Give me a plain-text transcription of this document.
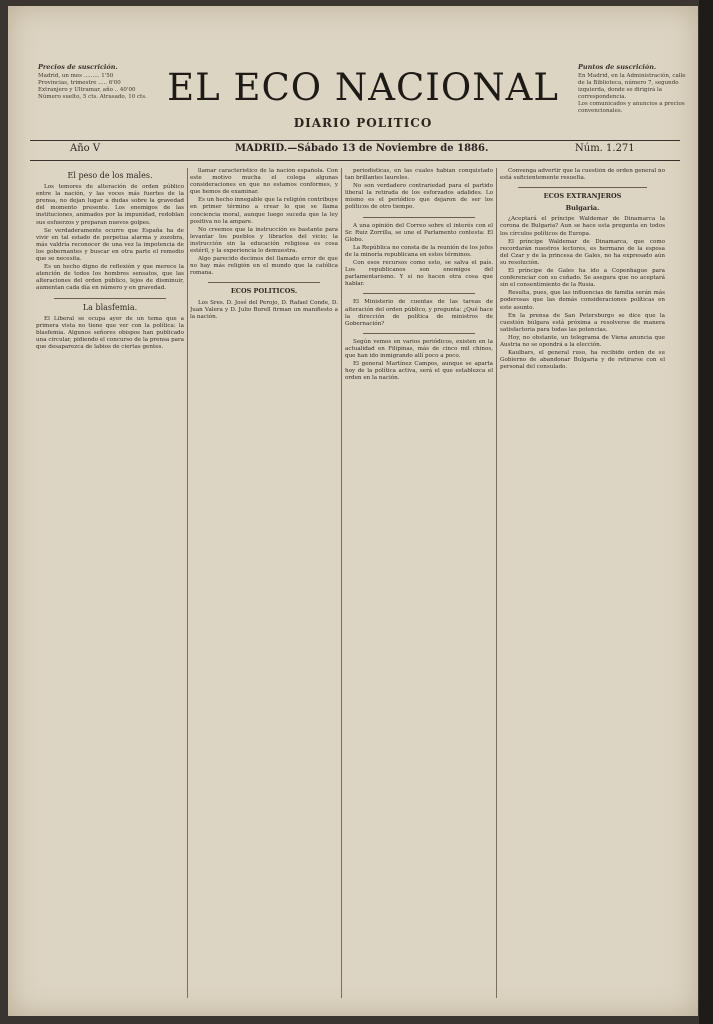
Precios de suscrición.
Madrid, un mes ......... 1'50
Provincias, trimestre ..... 6'00
Extranjero y Ultramar, año .. 40'00
Número suelto, 5 cts. Atrasado, 10 cts. EL ECO NACIONAL
DIARIO POLITICO
Puntos de suscrición.
En Madrid, en la Administración, calle de la Biblioteca, número 7, segundo izquierda, donde se dirigirá la correspondencia.
Los comunicados y anuncios a precios convencionales.
Año V	MADRID.—Sábado 13 de Noviembre de 1886.	Núm. 1.271
El peso de los males.

Los temores de alteración de orden público entre la nación, y las voces más fuertes de la prensa, no dejan lugar a dudas sobre la gravedad del momento presente. Los enemigos de las instituciones, animados por la impunidad, redoblan sus esfuerzos y preparan nuevos golpes.

Se verdaderamente ocurre que España ha de vivir en tal estado de perpetua alarma y zozobra, más valdría reconocer de una vez la impotencia de los gobernantes y buscar en otra parte el remedio que se necesita.

Es un hecho digno de reflexión y que merece la atención de todos los hombres sensatos, que las alteraciones del orden público, lejos de disminuir, aumentan cada día en número y en gravedad.

La blasfemia.

El Liberal se ocupa ayer de un tema que a primera vista no tiene que ver con la política: la blasfemia. Algunos señores obispos han publicado una circular, pidiendo el concurso de la prensa para que desaparezca de labios de ciertas gentes.

llamar característico de la nación española. Con este motivo mucha el colega algunas consideraciones en que no estamos conformes, y que hemos de examinar.

Es un hecho innegable que la religión contribuye en primer término a crear lo que se llama conciencia moral, aunque luego suceda que la ley positiva no la ampare.

No creemos que la instrucción es bastante para levantar los pueblos y librarlos del vicio; la instrucción sin la educación religiosa es cosa estéril, y la experiencia lo demuestra.

Algo parecido decimos del llamado error de que no hay más religión en el mundo que la católica romana.

ECOS POLITICOS.

Los Sres. D. José del Perojo, D. Rafael Conde, D. Juan Valera y D. Julio Burell firman un manifiesto a la nación.

periodísticas, en las cuales habían conquistado tan brillantes laureles.

No son verdadero contrariedad para el partido liberal la retirada de los esforzados adalides. Lo mismo es el periódico que dejaron de ser los políticos de otro tiempo.

A una opinión del Correo sobre el interés con el Sr. Ruiz Zorrilla, se une el Parlamento contesta: El Globo.

La República no consta de la reunión de los jefes de la minoría republicana en estos términos.

Con esos recursos como esto, se salva el país. Los republicanos son enemigos del parlamentarismo. Y si no hacen otra cosa que hablar.

El Ministerio de cuentas de las tareas de alteración del orden público, y pregunta: ¿Qué hace la dirección de política de ministros de Gobernación?

Según vemos en varios periódicos, existen en la actualidad en Filipinas, más de cinco mil chinos, que han ido inmigrando allí poco a poco.

El general Martínez Campos, aunque se aparta hoy de la política activa, será el que establezca el orden en la nación.

Convenga advertir que la cuestión de orden general no está suficientemente resuelta.

ECOS EXTRANJEROS
Bulgaria.

¿Aceptará el príncipe Waldemar de Dinamarca la corona de Bulgaria? Aun se hace esta pregunta en todos los círculos políticos de Europa.

El príncipe Waldemar de Dinamarca, que como recordarán nuestros lectores, es hermano de la esposa del Czar y de la princesa de Gales, no ha expresado aún su resolución.

El príncipe de Gales ha ido a Copenhague para conferenciar con su cuñado. Se asegura que no aceptará sin el consentimiento de la Rusia.

Resulta, pues, que las influencias de familia serán más poderosas que las demás consideraciones políticas en este asunto.

En la prensa de San Petersburgo se dice que la cuestión búlgara está próxima a resolverse de manera satisfactoria para todas las potencias.

Hoy, no obstante, un telegrama de Viena anuncia que Austria no se opondrá a la elección.

Kaulbars, el general ruso, ha recibido orden de su Gobierno de abandonar Bulgaria y de retirarse con el personal del consulado.
